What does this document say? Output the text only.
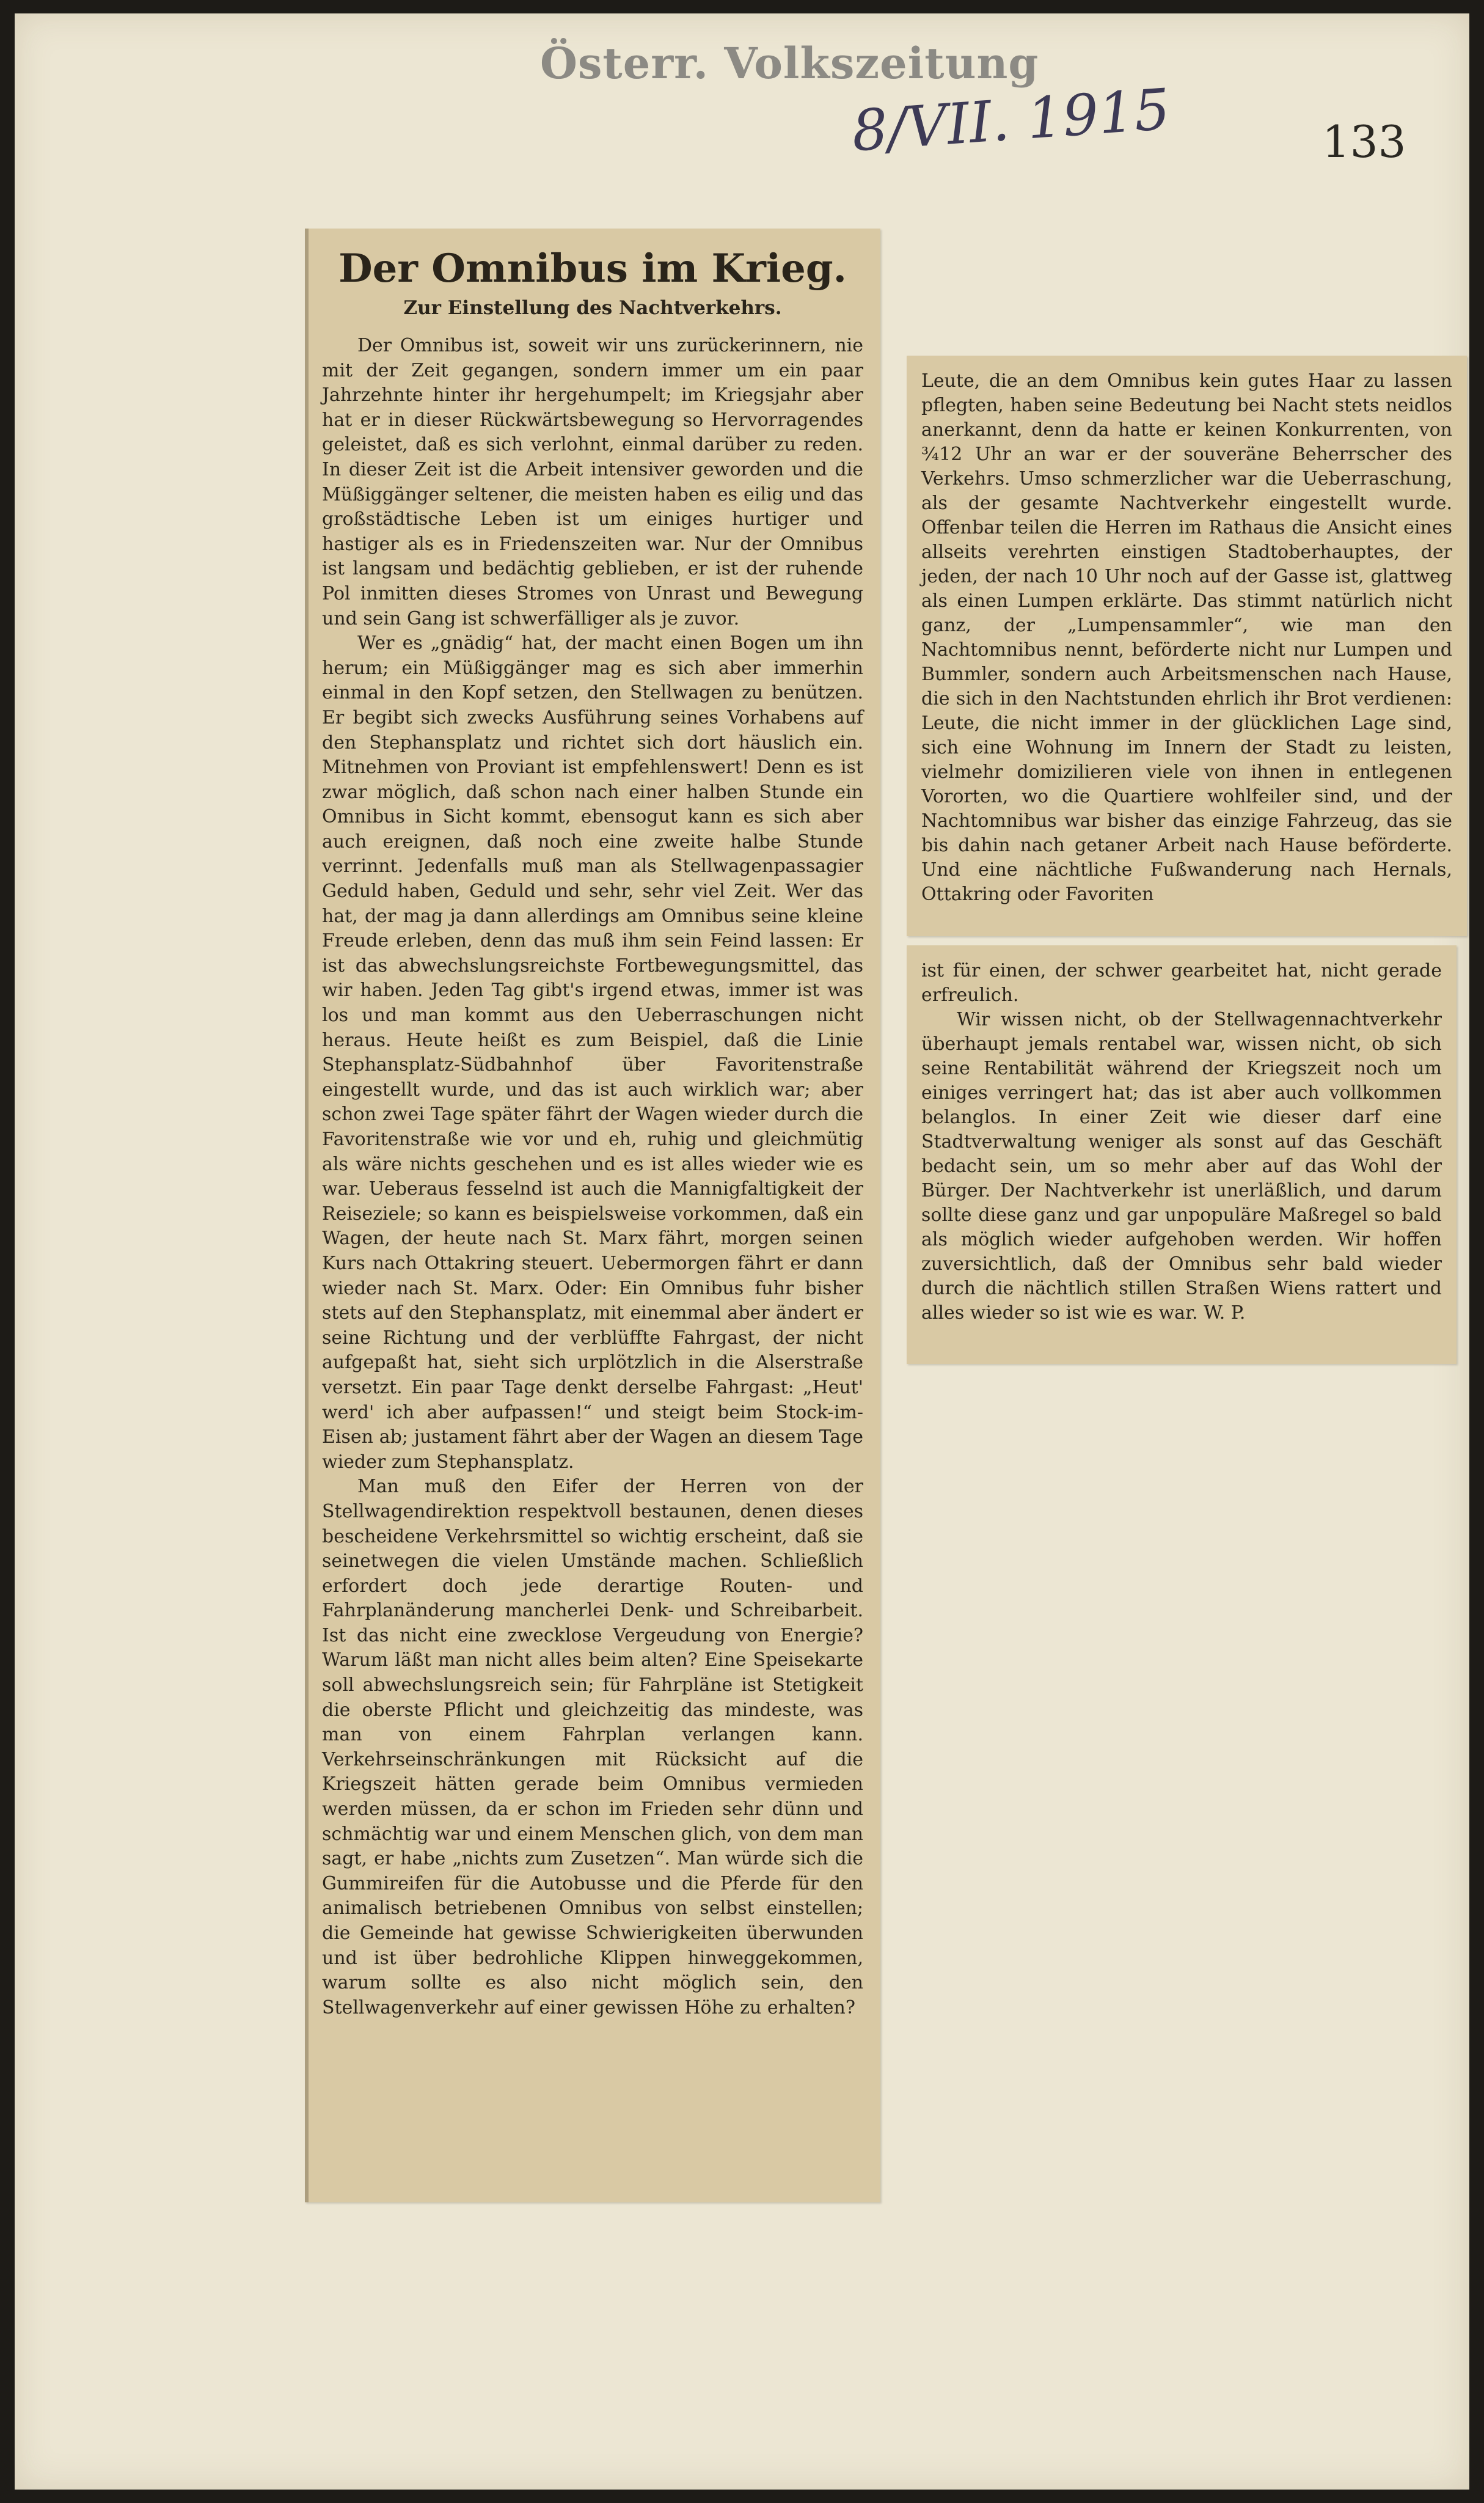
Österr. Volkszeitung
8/VII. 1915	133
Der Omnibus im Krieg.
Zur Einstellung des Nachtverkehrs.

Der Omnibus ist, soweit wir uns zurückerinnern, nie mit der Zeit gegangen, sondern immer um ein paar Jahrzehnte hinter ihr hergehumpelt; im Kriegsjahr aber hat er in dieser Rückwärtsbewegung so Hervorragendes geleistet, daß es sich verlohnt, einmal darüber zu reden. In dieser Zeit ist die Arbeit intensiver geworden und die Müßiggänger seltener, die meisten haben es eilig und das großstädtische Leben ist um einiges hurtiger und hastiger als es in Friedenszeiten war. Nur der Omnibus ist langsam und bedächtig geblieben, er ist der ruhende Pol inmitten dieses Stromes von Unrast und Bewegung und sein Gang ist schwerfälliger als je zuvor.

Wer es „gnädig“ hat, der macht einen Bogen um ihn herum; ein Müßiggänger mag es sich aber immerhin einmal in den Kopf setzen, den Stellwagen zu benützen. Er begibt sich zwecks Ausführung seines Vorhabens auf den Stephansplatz und richtet sich dort häuslich ein. Mitnehmen von Proviant ist empfehlenswert! Denn es ist zwar möglich, daß schon nach einer halben Stunde ein Omnibus in Sicht kommt, ebensogut kann es sich aber auch ereignen, daß noch eine zweite halbe Stunde verrinnt. Jedenfalls muß man als Stellwagenpassagier Geduld haben, Geduld und sehr, sehr viel Zeit. Wer das hat, der mag ja dann allerdings am Omnibus seine kleine Freude erleben, denn das muß ihm sein Feind lassen: Er ist das abwechslungsreichste Fortbewegungsmittel, das wir haben. Jeden Tag gibt's irgend etwas, immer ist was los und man kommt aus den Ueberraschungen nicht heraus. Heute heißt es zum Beispiel, daß die Linie Stephansplatz-Südbahnhof über Favoritenstraße eingestellt wurde, und das ist auch wirklich war; aber schon zwei Tage später fährt der Wagen wieder durch die Favoritenstraße wie vor und eh, ruhig und gleichmütig als wäre nichts geschehen und es ist alles wieder wie es war. Ueberaus fesselnd ist auch die Mannigfaltigkeit der Reiseziele; so kann es beispielsweise vorkommen, daß ein Wagen, der heute nach St. Marx fährt, morgen seinen Kurs nach Ottakring steuert. Uebermorgen fährt er dann wieder nach St. Marx. Oder: Ein Omnibus fuhr bisher stets auf den Stephansplatz, mit einemmal aber ändert er seine Richtung und der verblüffte Fahrgast, der nicht aufgepaßt hat, sieht sich urplötzlich in die Alserstraße versetzt. Ein paar Tage denkt derselbe Fahrgast: „Heut' werd' ich aber aufpassen!“ und steigt beim Stock-im-Eisen ab; justament fährt aber der Wagen an diesem Tage wieder zum Stephansplatz.

Man muß den Eifer der Herren von der Stellwagendirektion respektvoll bestaunen, denen dieses bescheidene Verkehrsmittel so wichtig erscheint, daß sie seinetwegen die vielen Umstände machen. Schließlich erfordert doch jede derartige Routen- und Fahrplanänderung mancherlei Denk- und Schreibarbeit. Ist das nicht eine zwecklose Vergeudung von Energie? Warum läßt man nicht alles beim alten? Eine Speisekarte soll abwechslungsreich sein; für Fahrpläne ist Stetigkeit die oberste Pflicht und gleichzeitig das mindeste, was man von einem Fahrplan verlangen kann. Verkehrseinschränkungen mit Rücksicht auf die Kriegszeit hätten gerade beim Omnibus vermieden werden müssen, da er schon im Frieden sehr dünn und schmächtig war und einem Menschen glich, von dem man sagt, er habe „nichts zum Zusetzen“. Man würde sich die Gummireifen für die Autobusse und die Pferde für den animalisch betriebenen Omnibus von selbst einstellen; die Gemeinde hat gewisse Schwierigkeiten überwunden und ist über bedrohliche Klippen hinweggekommen, warum sollte es also nicht möglich sein, den Stellwagenverkehr auf einer gewissen Höhe zu erhalten?

Leute, die an dem Omnibus kein gutes Haar zu lassen pflegten, haben seine Bedeutung bei Nacht stets neidlos anerkannt, denn da hatte er keinen Konkurrenten, von ¾12 Uhr an war er der souveräne Beherrscher des Verkehrs. Umso schmerzlicher war die Ueberraschung, als der gesamte Nachtverkehr eingestellt wurde. Offenbar teilen die Herren im Rathaus die Ansicht eines allseits verehrten einstigen Stadtoberhauptes, der jeden, der nach 10 Uhr noch auf der Gasse ist, glattweg als einen Lumpen erklärte. Das stimmt natürlich nicht ganz, der „Lumpensammler“, wie man den Nachtomnibus nennt, beförderte nicht nur Lumpen und Bummler, sondern auch Arbeitsmenschen nach Hause, die sich in den Nachtstunden ehrlich ihr Brot verdienen: Leute, die nicht immer in der glücklichen Lage sind, sich eine Wohnung im Innern der Stadt zu leisten, vielmehr domizilieren viele von ihnen in entlegenen Vororten, wo die Quartiere wohlfeiler sind, und der Nachtomnibus war bisher das einzige Fahrzeug, das sie bis dahin nach getaner Arbeit nach Hause beförderte. Und eine nächtliche Fußwanderung nach Hernals, Ottakring oder Favoriten

ist für einen, der schwer gearbeitet hat, nicht gerade erfreulich.

Wir wissen nicht, ob der Stellwagennachtverkehr überhaupt jemals rentabel war, wissen nicht, ob sich seine Rentabilität während der Kriegszeit noch um einiges verringert hat; das ist aber auch vollkommen belanglos. In einer Zeit wie dieser darf eine Stadtverwaltung weniger als sonst auf das Geschäft bedacht sein, um so mehr aber auf das Wohl der Bürger. Der Nachtverkehr ist unerläßlich, und darum sollte diese ganz und gar unpopuläre Maßregel so bald als möglich wieder aufgehoben werden. Wir hoffen zuversichtlich, daß der Omnibus sehr bald wieder durch die nächtlich stillen Straßen Wiens rattert und alles wieder so ist wie es war. W. P.
